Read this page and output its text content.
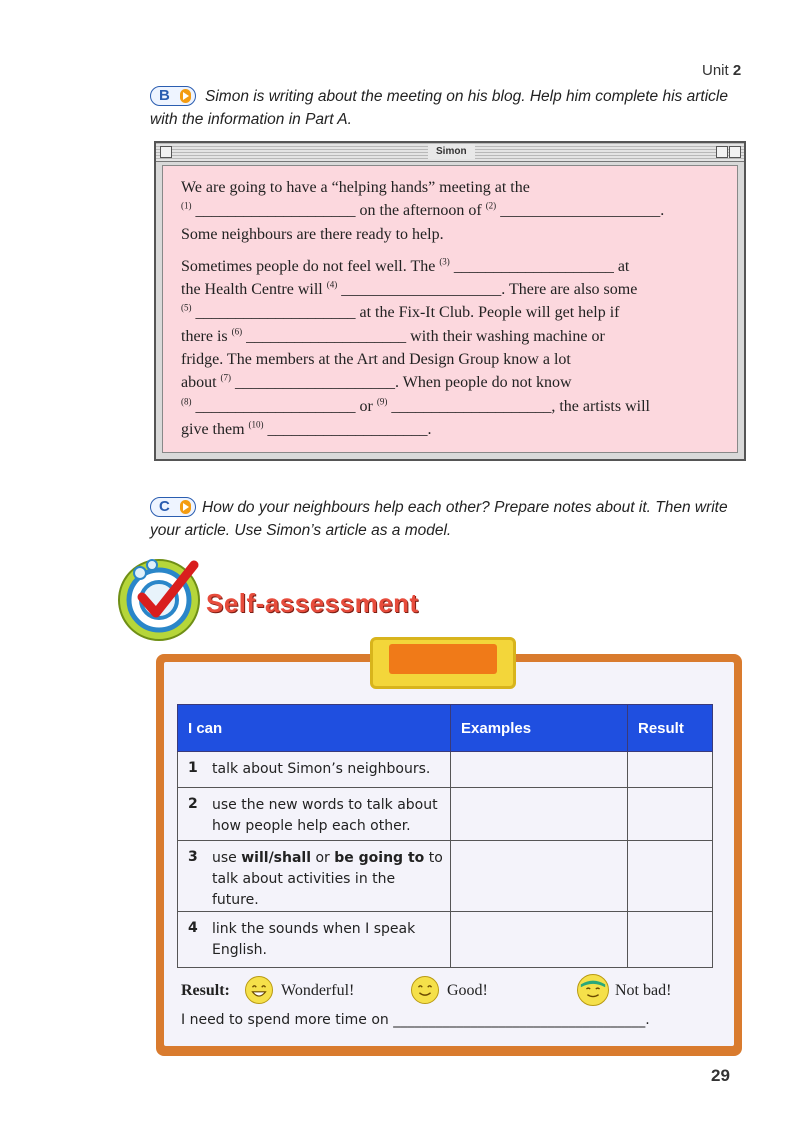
Unit 2
B	Simon is writing about the meeting on his blog. Help him complete his article with the information in Part A.
Simon

We are going to have a “helping hands” meeting at the
$^{(1)}$ ____________________ on the afternoon of $^{(2)}$ ____________________.
Some neighbours are there ready to help.

Sometimes people do not feel well. The $^{(3)}$ ____________________ at
the Health Centre will $^{(4)}$ ____________________. There are also some
$^{(5)}$ ____________________ at the Fix-It Club. People will get help if
there is $^{(6)}$ ____________________ with their washing machine or
fridge. The members at the Art and Design Group know a lot
about $^{(7)}$ ____________________. When people do not know
$^{(8)}$ ____________________ or $^{(9)}$ ____________________, the artists will
give them $^{(10)}$ ____________________.

C	How do your neighbours help each other? Prepare notes about it. Then write your article. Use Simon’s article as a model.
Self-assessment
I can		Examples	Result
1	talk about Simon’s neighbours.		
2	use the new words to talk about
how people help each other.		
3	use will/shall or be going to to
talk about activities in the future.		
4	link the sounds when I speak
English.		
Result:	Wonderful!	Good!	Not bad!
I need to spend more time on ____________________________________.
29
